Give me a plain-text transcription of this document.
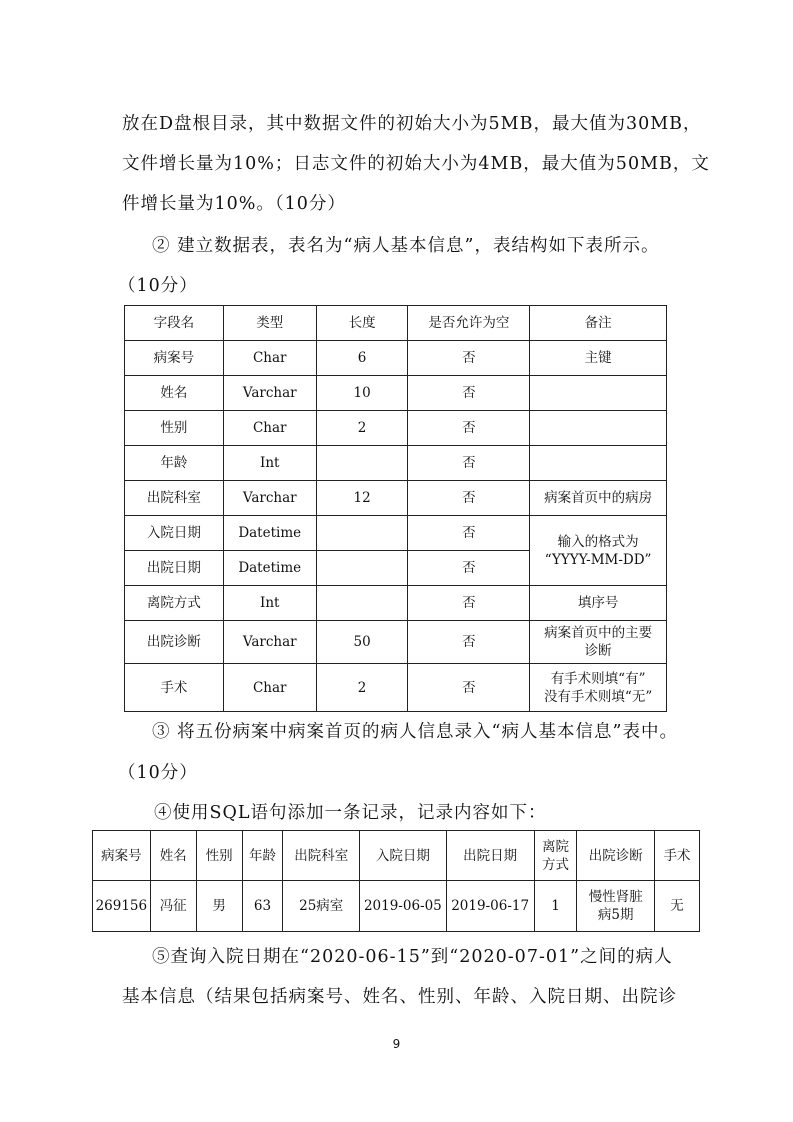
放在D盘根目录，其中数据文件的初始大小为5MB，最大值为30MB，
文件增长量为10%；日志文件的初始大小为4MB，最大值为50MB，文
件增长量为10%。（10分）
② 建立数据表，表名为“病人基本信息”，表结构如下表所示。
（10分）
字段名	类型	长度	是否允许为空	备注
病案号	Char	6	否	主键
姓名	Varchar	10	否	
性别	Char	2	否	
年龄	Int		否	
出院科室	Varchar	12	否	病案首页中的病房
入院日期	Datetime		否	输入的格式为
“YYYY-MM-DD”

出院日期	Datetime		否	
离院方式	Int		否	填序号
出院诊断	Varchar	50	否	病案首页中的主要
诊断

手术	Char	2	否	有手术则填“有”
没有手术则填“无”
③ 将五份病案中病案首页的病人信息录入“病人基本信息”表中。
（10分）
④使用SQL语句添加一条记录，记录内容如下：
病案号	姓名	性别	年龄	出院科室	入院日期	出院日期	离院
方式	出院诊断	手术
269156	冯征	男	63	25病室	2019-06-05	2019-06-17	1	慢性肾脏
病5期	无
⑤查询入院日期在“2020-06-15”到“2020-07-01”之间的病人
基本信息（结果包括病案号、姓名、性别、年龄、入院日期、出院诊
9
